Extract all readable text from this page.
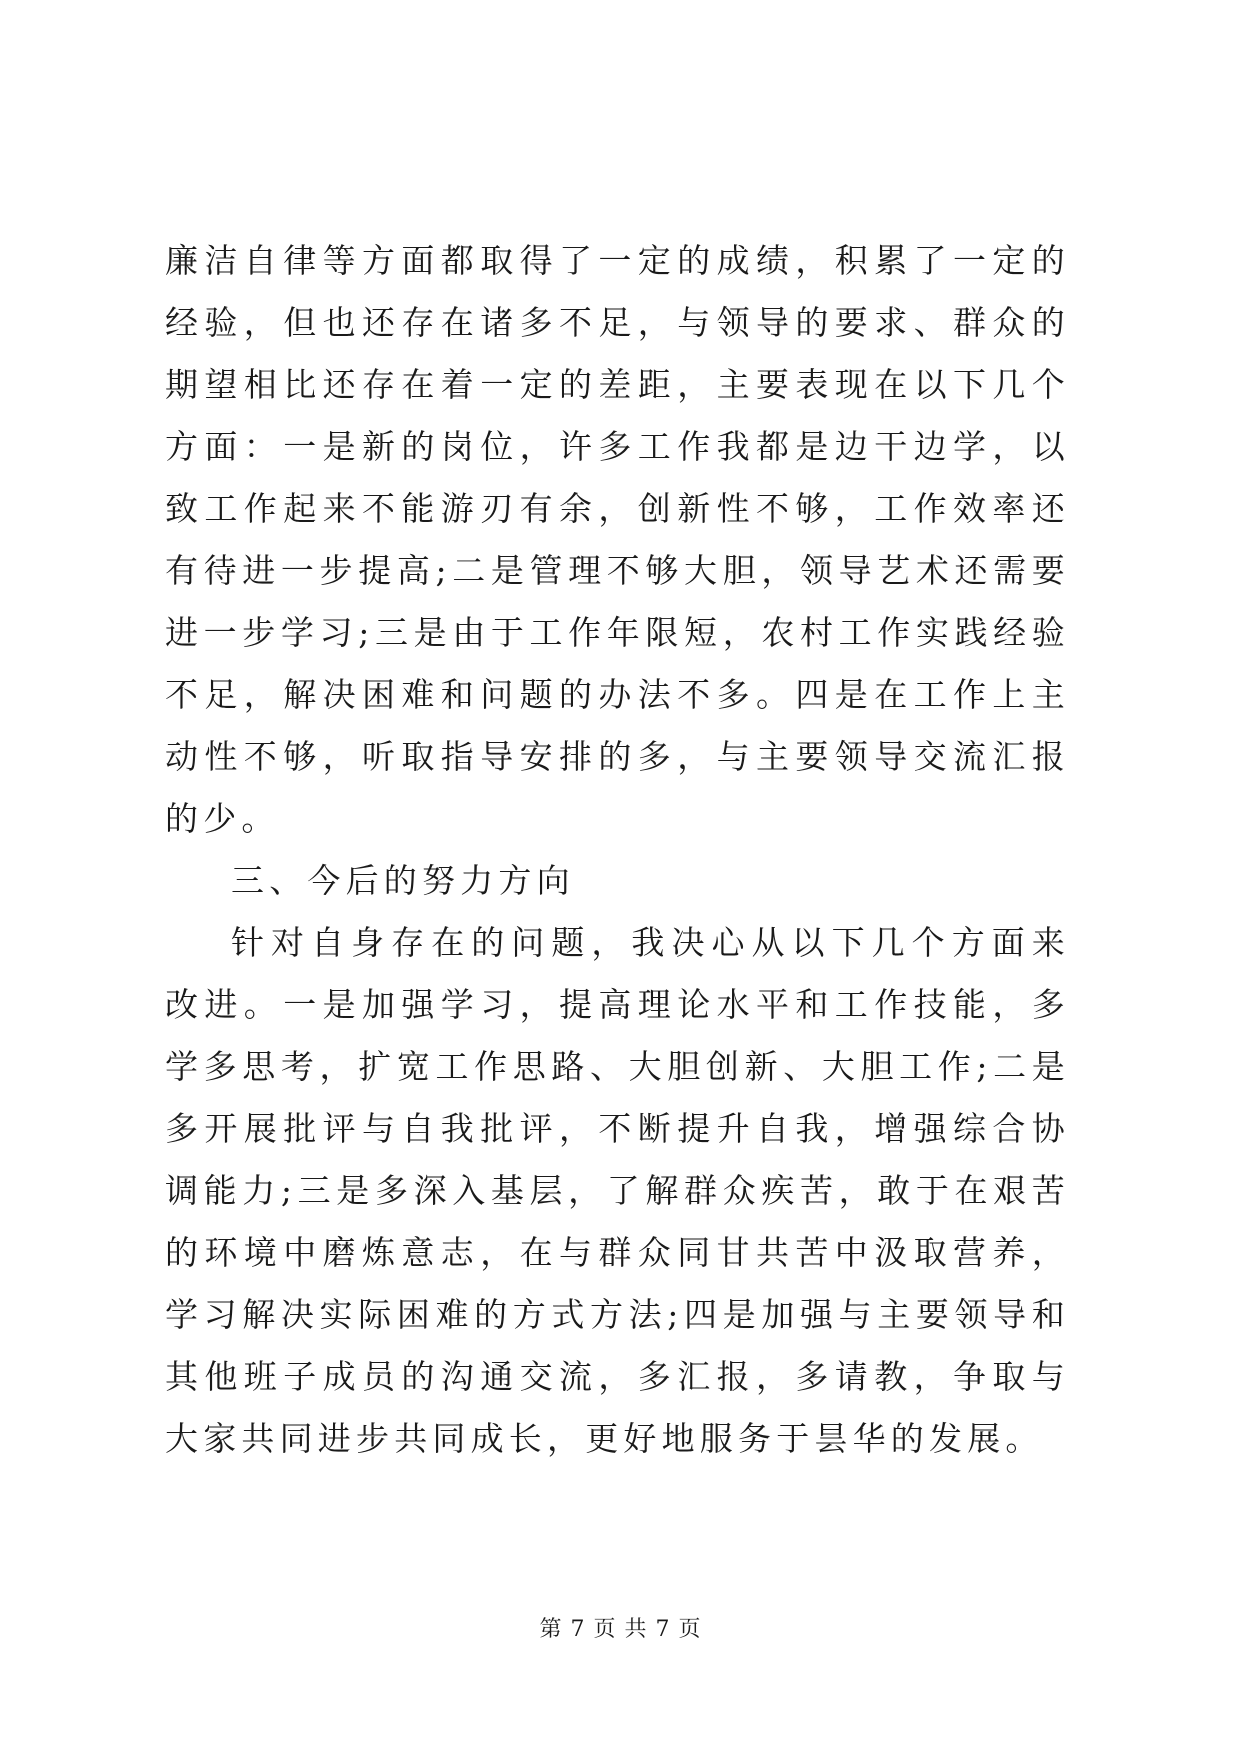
廉洁自律等方面都取得了一定的成绩，积累了一定的经验，但也还存在诸多不足，与领导的要求、群众的期望相比还存在着一定的差距，主要表现在以下几个方面：一是新的岗位，许多工作我都是边干边学，以致工作起来不能游刃有余，创新性不够，工作效率还有待进一步提高;二是管理不够大胆，领导艺术还需要进一步学习;三是由于工作年限短，农村工作实践经验不足，解决困难和问题的办法不多。四是在工作上主动性不够，听取指导安排的多，与主要领导交流汇报的少。

三、今后的努力方向

针对自身存在的问题，我决心从以下几个方面来改进。一是加强学习，提高理论水平和工作技能，多学多思考，扩宽工作思路、大胆创新、大胆工作;二是多开展批评与自我批评，不断提升自我，增强综合协调能力;三是多深入基层，了解群众疾苦，敢于在艰苦的环境中磨炼意志，在与群众同甘共苦中汲取营养，学习解决实际困难的方式方法;四是加强与主要领导和其他班子成员的沟通交流，多汇报，多请教，争取与大家共同进步共同成长，更好地服务于昙华的发展。

第 7 页 共 7 页
